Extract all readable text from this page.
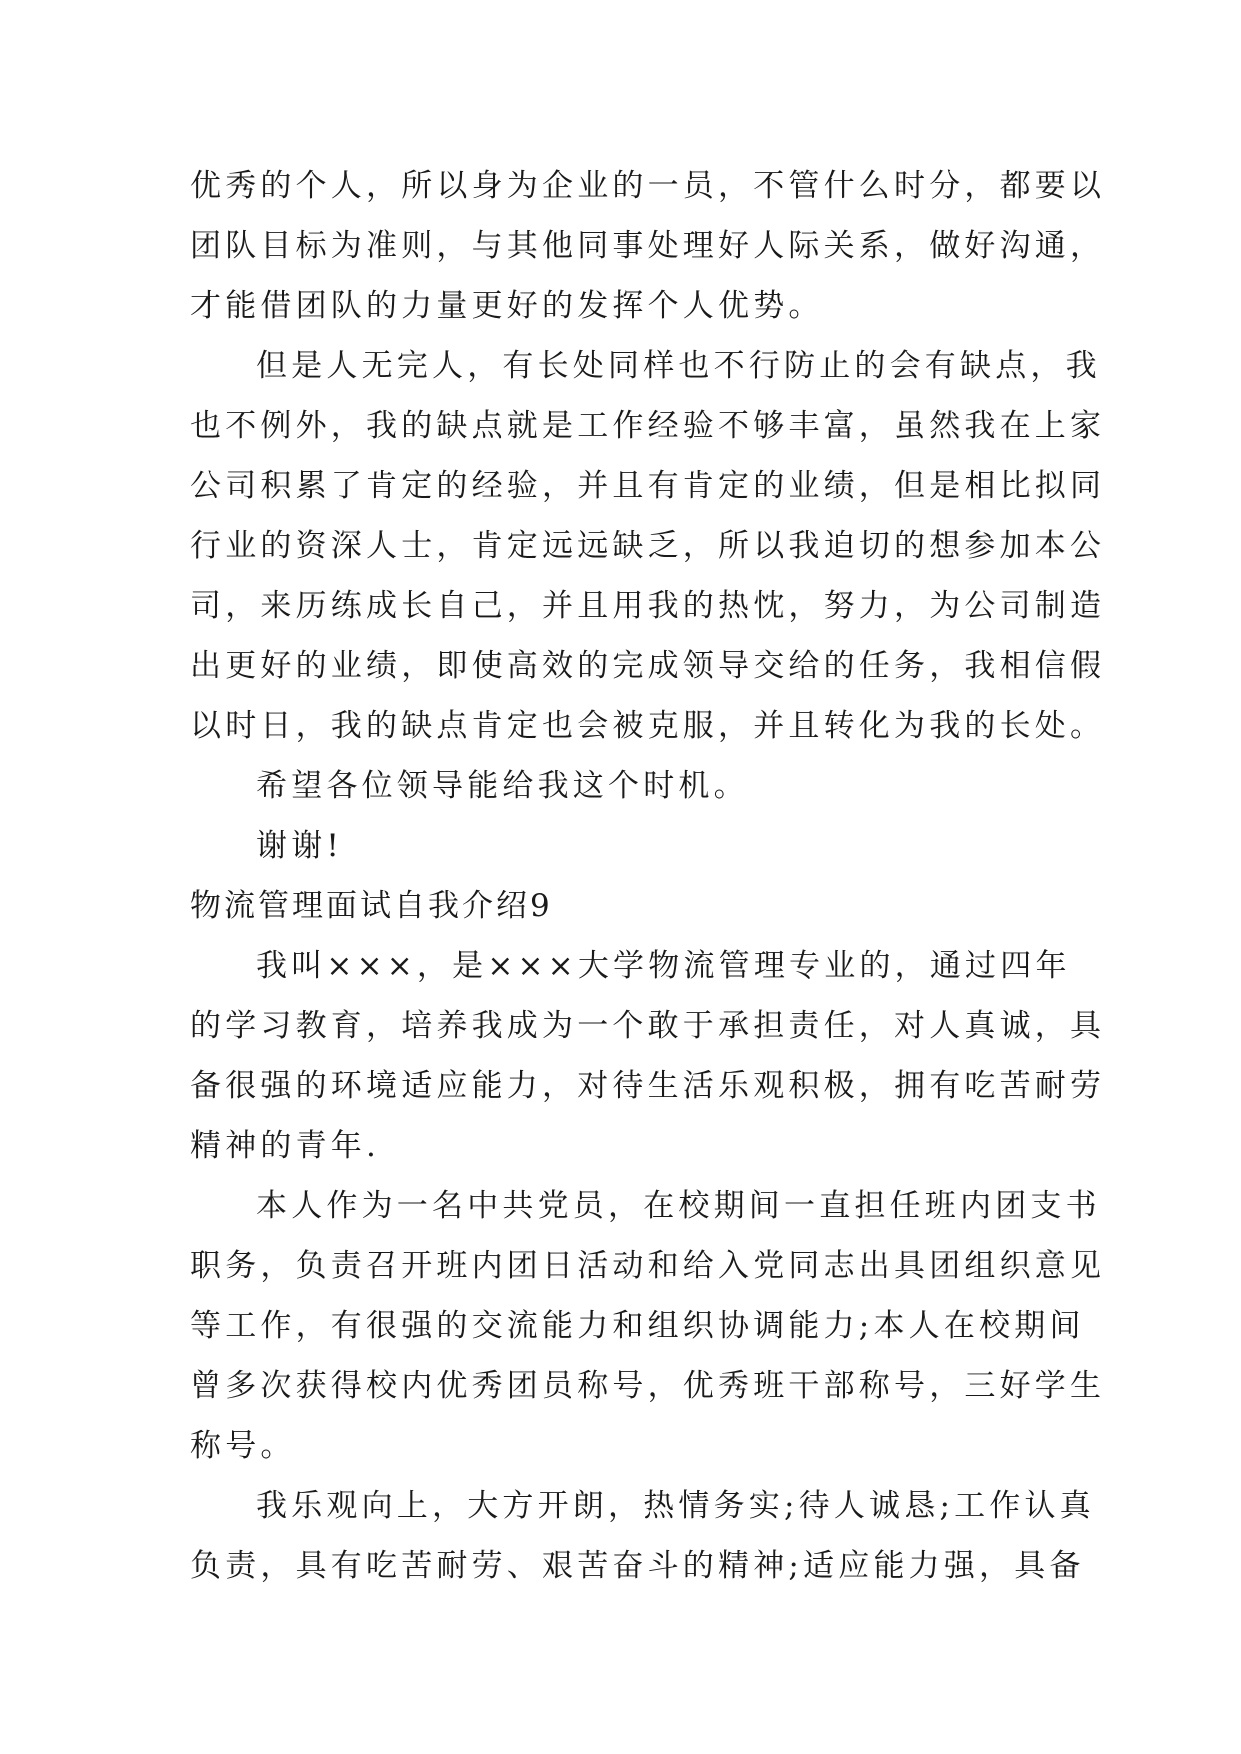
优秀的个人，所以身为企业的一员，不管什么时分，都要以
团队目标为准则，与其他同事处理好人际关系，做好沟通，
才能借团队的力量更好的发挥个人优势。
但是人无完人，有长处同样也不行防止的会有缺点，我
也不例外，我的缺点就是工作经验不够丰富，虽然我在上家
公司积累了肯定的经验，并且有肯定的业绩，但是相比拟同
行业的资深人士，肯定远远缺乏，所以我迫切的想参加本公
司，来历练成长自己，并且用我的热忱，努力，为公司制造
出更好的业绩，即使高效的完成领导交给的任务，我相信假
以时日，我的缺点肯定也会被克服，并且转化为我的长处。
希望各位领导能给我这个时机。
谢谢!
物流管理面试自我介绍9
我叫×××，是×××大学物流管理专业的，通过四年
的学习教育，培养我成为一个敢于承担责任，对人真诚，具
备很强的环境适应能力，对待生活乐观积极，拥有吃苦耐劳
精神的青年.
本人作为一名中共党员，在校期间一直担任班内团支书
职务，负责召开班内团日活动和给入党同志出具团组织意见
等工作，有很强的交流能力和组织协调能力;本人在校期间
曾多次获得校内优秀团员称号，优秀班干部称号，三好学生
称号。
我乐观向上，大方开朗，热情务实;待人诚恳;工作认真
负责，具有吃苦耐劳、艰苦奋斗的精神;适应能力强，具备
